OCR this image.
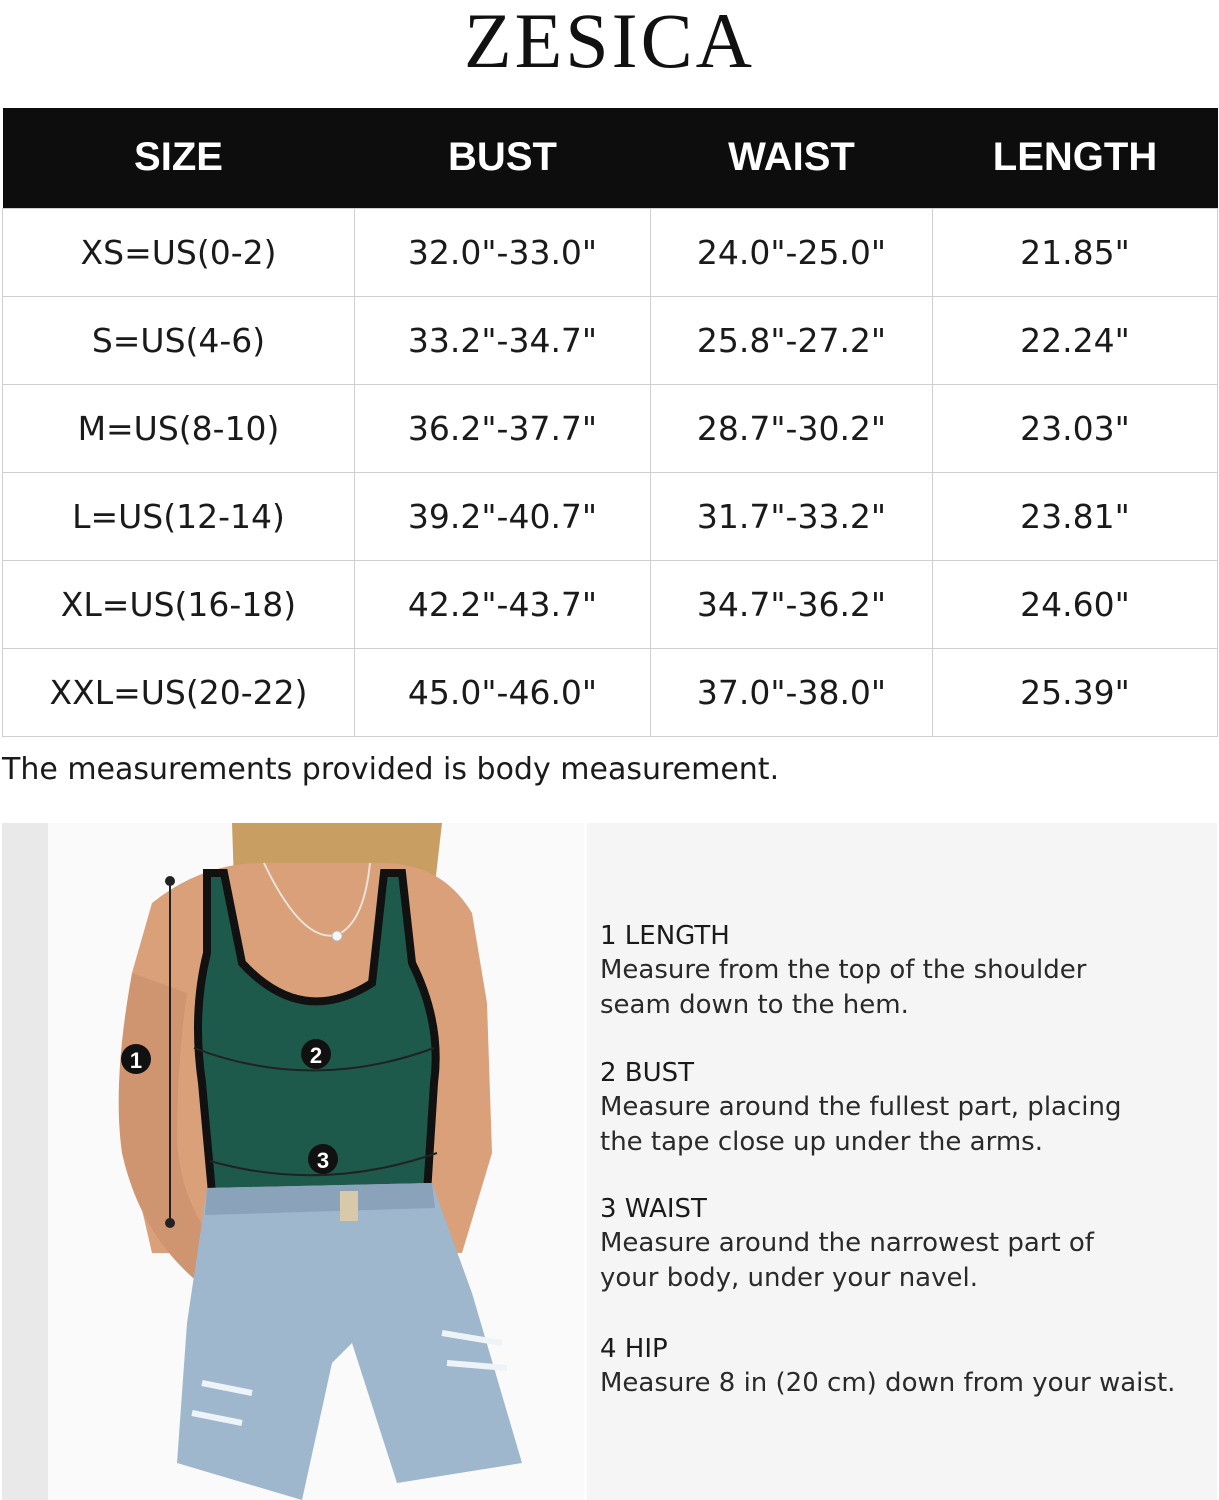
ZESICA
SIZE	BUST	WAIST	LENGTH
XS=US(0-2)	32.0"-33.0"	24.0"-25.0"	21.85"
S=US(4-6)	33.2"-34.7"	25.8"-27.2"	22.24"
M=US(8-10)	36.2"-37.7"	28.7"-30.2"	23.03"
L=US(12-14)	39.2"-40.7"	31.7"-33.2"	23.81"
XL=US(16-18)	42.2"-43.7"	34.7"-36.2"	24.60"
XXL=US(20-22)	45.0"-46.0"	37.0"-38.0"	25.39"
The measurements provided is body measurement.
1	2
3
1 LENGTH
Measure from the top of the shoulder
seam down to the hem.
2 BUST
Measure around the fullest part, placing
the tape close up under the arms.
3 WAIST
Measure around the narrowest part of
your body, under your navel.
4 HIP
Measure 8 in (20 cm) down from your waist.
